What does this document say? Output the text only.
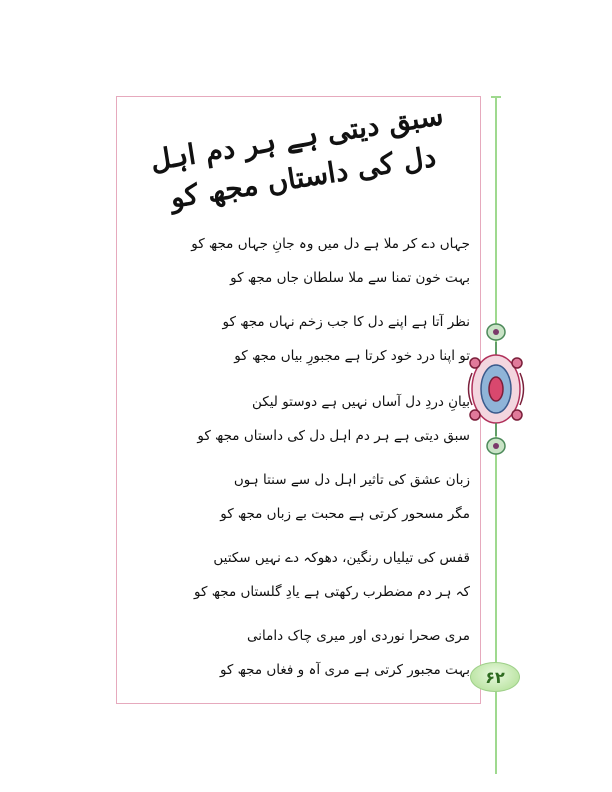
سبق دیتی ہے ہر دم اہل دل کی داستاں مجھ کو
جہاں دے کر ملا ہے دل میں وہ جانِ جہاں مجھ کو
بہت خون تمنا سے ملا سلطان جاں مجھ کو
نظر آتا ہے اپنے دل کا جب زخم نہاں مجھ کو
تو اپنا درد خود کرتا ہے مجبورِ بیاں مجھ کو
بیانِ دردِ دل آساں نہیں ہے دوستو لیکن
سبق دیتی ہے ہر دم اہل دل کی داستاں مجھ کو
زبان عشق کی تاثیر اہل دل سے سنتا ہوں
مگر مسحور کرتی ہے محبت بے زباں مجھ کو
قفس کی تیلیاں رنگین، دھوکہ دے نہیں سکتیں
کہ ہر دم مضطرب رکھتی ہے یادِ گلستاں مجھ کو
مری صحرا نوردی اور میری چاک دامانی
بہت مجبور کرتی ہے مری آہ و فغاں مجھ کو ۶۲
